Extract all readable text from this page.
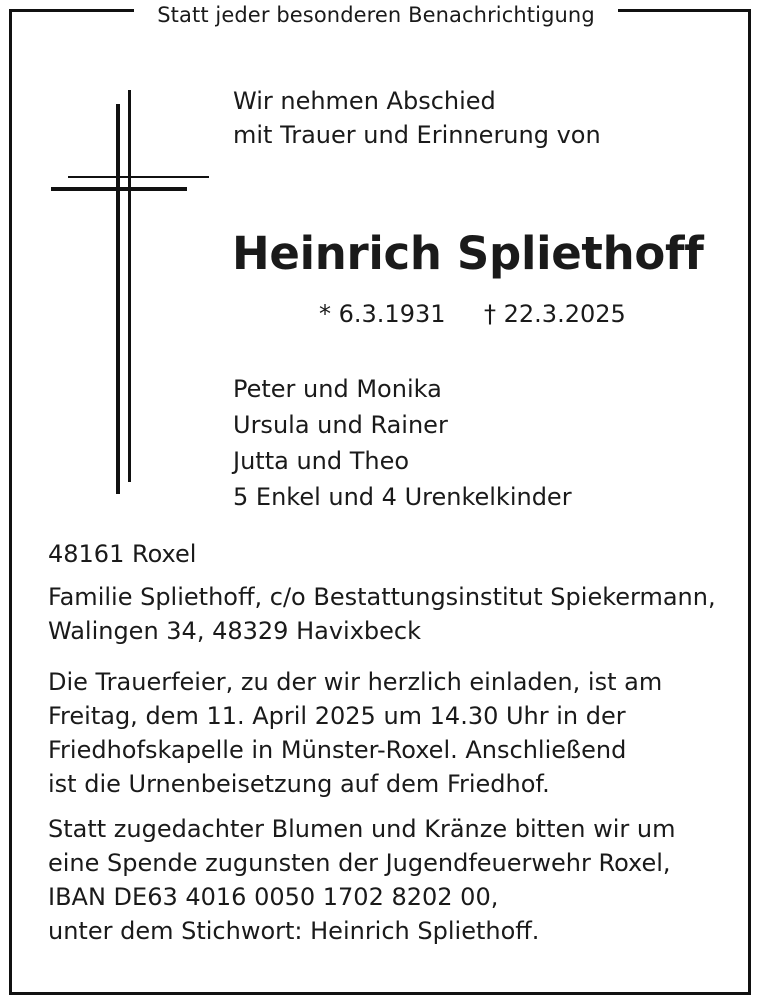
Statt jeder besonderen Benachrichtigung
Wir nehmen Abschied
mit Trauer und Erinnerung von
Heinrich Spliethoff
* 6.3.1931 † 22.3.2025
Peter und Monika
Ursula und Rainer
Jutta und Theo
5 Enkel und 4 Urenkelkinder
48161 Roxel
Familie Spliethoff, c/o Bestattungsinstitut Spiekermann,
Walingen 34, 48329 Havixbeck
Die Trauerfeier, zu der wir herzlich einladen, ist am
Freitag, dem 11. April 2025 um 14.30 Uhr in der
Friedhofskapelle in Münster-Roxel. Anschließend
ist die Urnenbeisetzung auf dem Friedhof.
Statt zugedachter Blumen und Kränze bitten wir um
eine Spende zugunsten der Jugendfeuerwehr Roxel,
IBAN DE63 4016 0050 1702 8202 00,
unter dem Stichwort: Heinrich Spliethoff.
